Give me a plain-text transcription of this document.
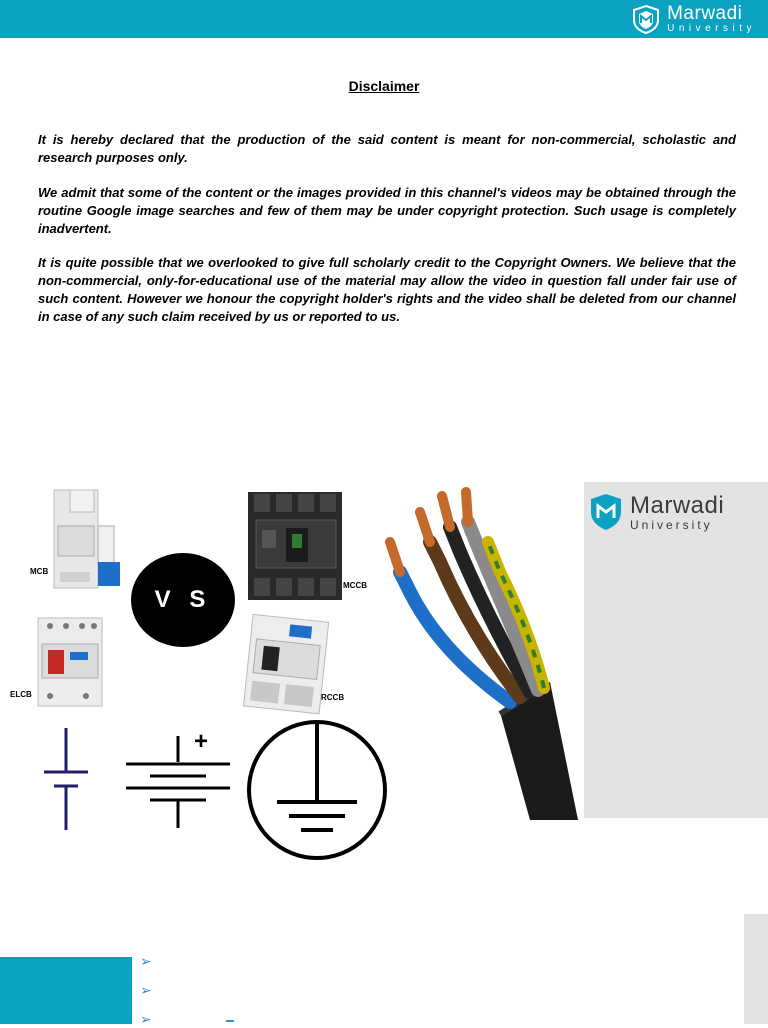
Marwadi
University
Disclaimer

It is hereby declared that the production of the said content is meant for non-commercial, scholastic and research purposes only.

We admit that some of the content or the images provided in this channel's videos may be obtained through the routine Google image searches and few of them may be under copyright protection. Such usage is completely inadvertent.

It is quite possible that we overlooked to give full scholarly credit to the Copyright Owners. We believe that the non-commercial, only-for-educational use of the material may allow the video in question fall under fair use of such content. However we honour the copyright holder's rights and the video shall be deleted from our channel in case of any such claim received by us or reported to us.

MCB
V S
ELCB
MCCB
RCCB
Marwadi
University
+
➢
➢
➢
